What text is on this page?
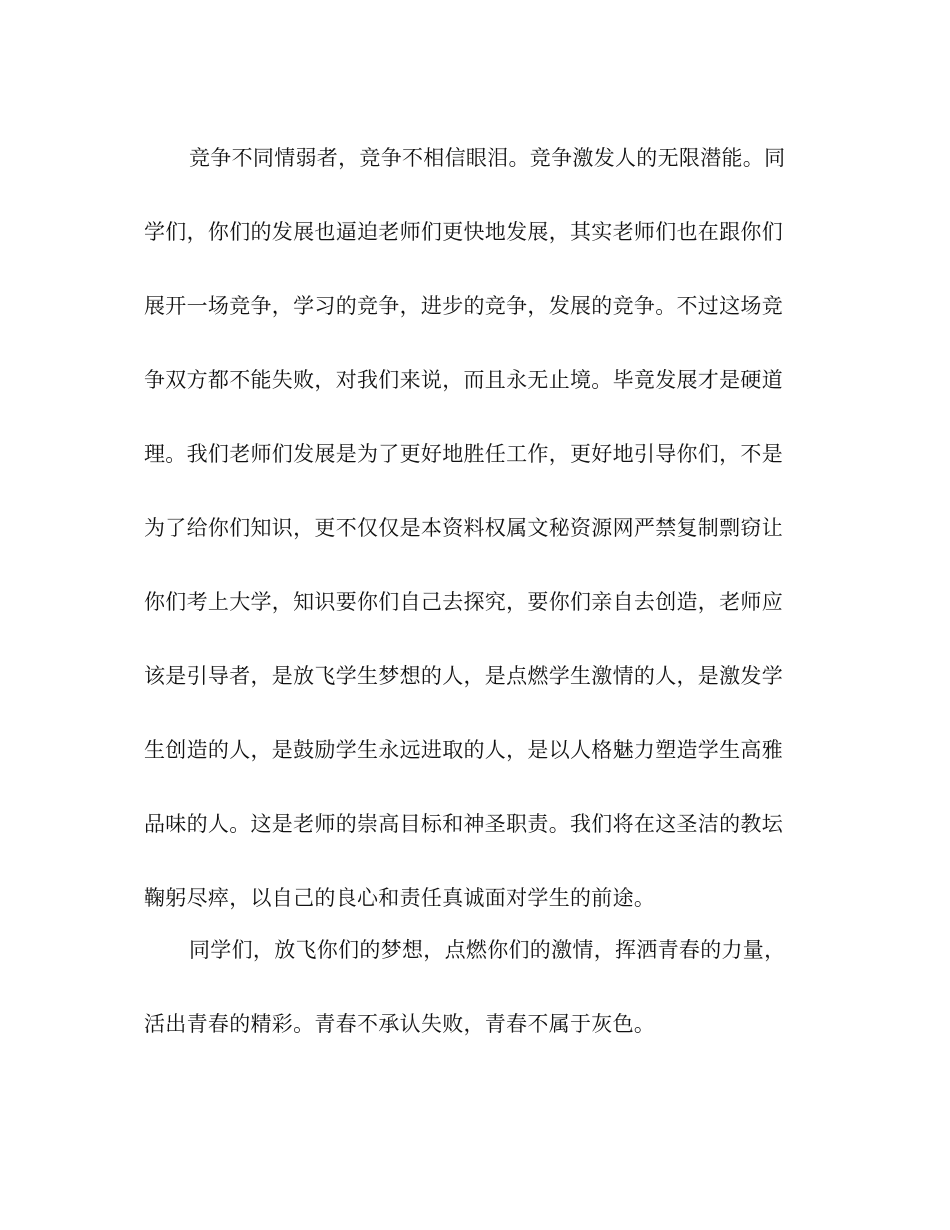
竞争不同情弱者，竞争不相信眼泪。竞争激发人的无限潜能。同
学们，你们的发展也逼迫老师们更快地发展，其实老师们也在跟你们
展开一场竞争，学习的竞争，进步的竞争，发展的竞争。不过这场竞
争双方都不能失败，对我们来说，而且永无止境。毕竟发展才是硬道
理。我们老师们发展是为了更好地胜任工作，更好地引导你们，不是
为了给你们知识，更不仅仅是本资料权属文秘资源网严禁复制剽窃让
你们考上大学，知识要你们自己去探究，要你们亲自去创造，老师应
该是引导者，是放飞学生梦想的人，是点燃学生激情的人，是激发学
生创造的人，是鼓励学生永远进取的人，是以人格魅力塑造学生高雅
品味的人。这是老师的崇高目标和神圣职责。我们将在这圣洁的教坛
鞠躬尽瘁，以自己的良心和责任真诚面对学生的前途。
同学们，放飞你们的梦想，点燃你们的激情，挥洒青春的力量，
活出青春的精彩。青春不承认失败，青春不属于灰色。
